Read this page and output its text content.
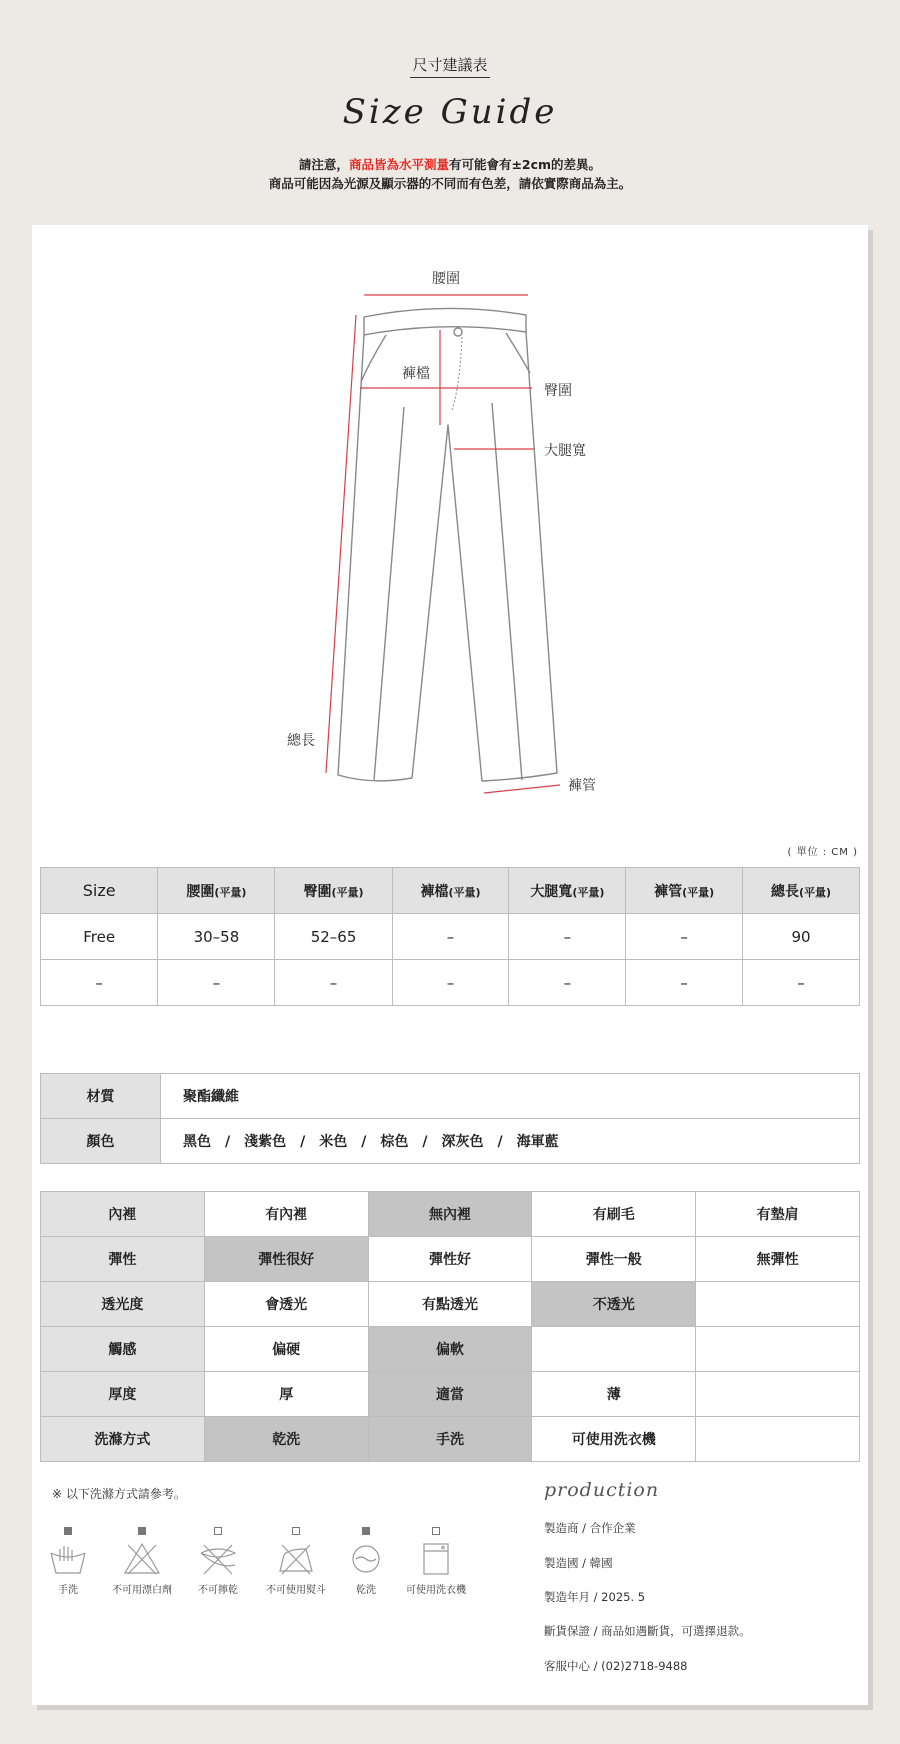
尺寸建議表
Size Guide
請注意，商品皆為水平測量有可能會有±2cm的差異。
商品可能因為光源及顯示器的不同而有色差，請依實際商品為主。
腰圍
褲檔
臀圍
大腿寬
總長
褲管
( 單位 : CM )
Size	腰圍(平量)	臀圍(平量)	褲檔(平量)	大腿寬(平量)	褲管(平量)	總長(平量)
Free	30–58	52–65	–	–	–	90
–	–	–	–	–	–	–
材質	聚酯纖維
顏色	黑色　/　淺紫色　/　米色　/　棕色　/　深灰色　/　海軍藍
內裡	有內裡	無內裡	有刷毛	有墊肩
彈性	彈性很好	彈性好	彈性一般	無彈性
透光度	會透光	有點透光	不透光	
觸感	偏硬	偏軟		
厚度	厚	適當	薄	
洗滌方式	乾洗	手洗	可使用洗衣機	
※ 以下洗滌方式請參考。
手洗	不可用漂白劑	不可擰乾	不可使用熨斗	乾洗	可使用洗衣機
production
製造商 / 合作企業
製造國 / 韓國
製造年月 / 2025. 5
斷貨保證 / 商品如遇斷貨，可選擇退款。
客服中心 / (02)2718-9488
